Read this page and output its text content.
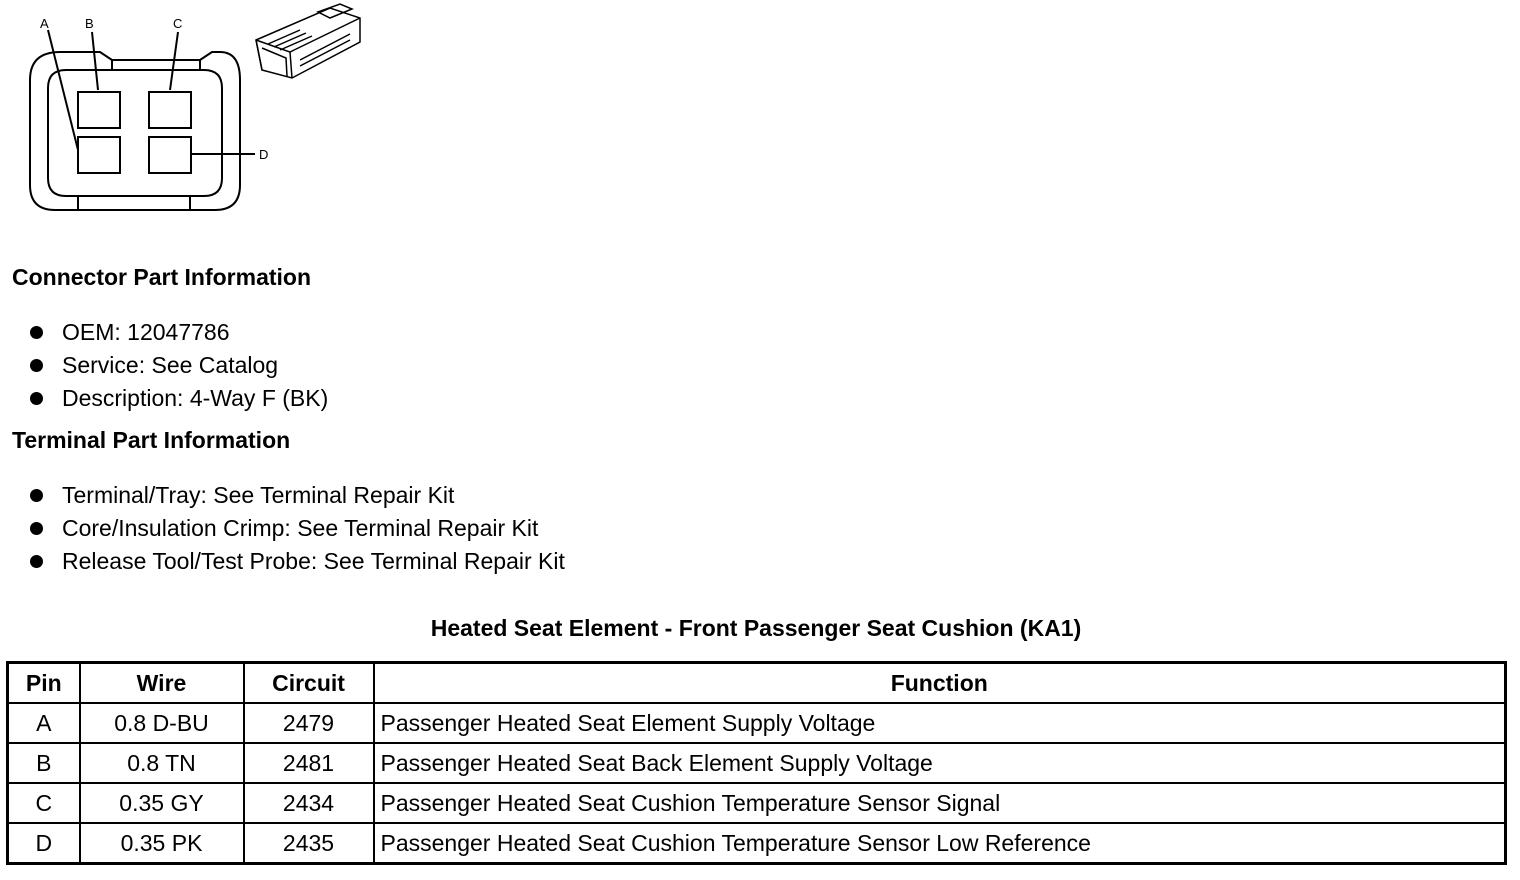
A	B	C
D
Connector Part Information
OEM: 12047786
Service: See Catalog
Description: 4-Way F (BK)
Terminal Part Information
Terminal/Tray: See Terminal Repair Kit
Core/Insulation Crimp: See Terminal Repair Kit
Release Tool/Test Probe: See Terminal Repair Kit
Heated Seat Element - Front Passenger Seat Cushion (KA1)
Pin	Wire	Circuit	Function
A	0.8 D-BU	2479	Passenger Heated Seat Element Supply Voltage
B	0.8 TN	2481	Passenger Heated Seat Back Element Supply Voltage
C	0.35 GY	2434	Passenger Heated Seat Cushion Temperature Sensor Signal
D	0.35 PK	2435	Passenger Heated Seat Cushion Temperature Sensor Low Reference
